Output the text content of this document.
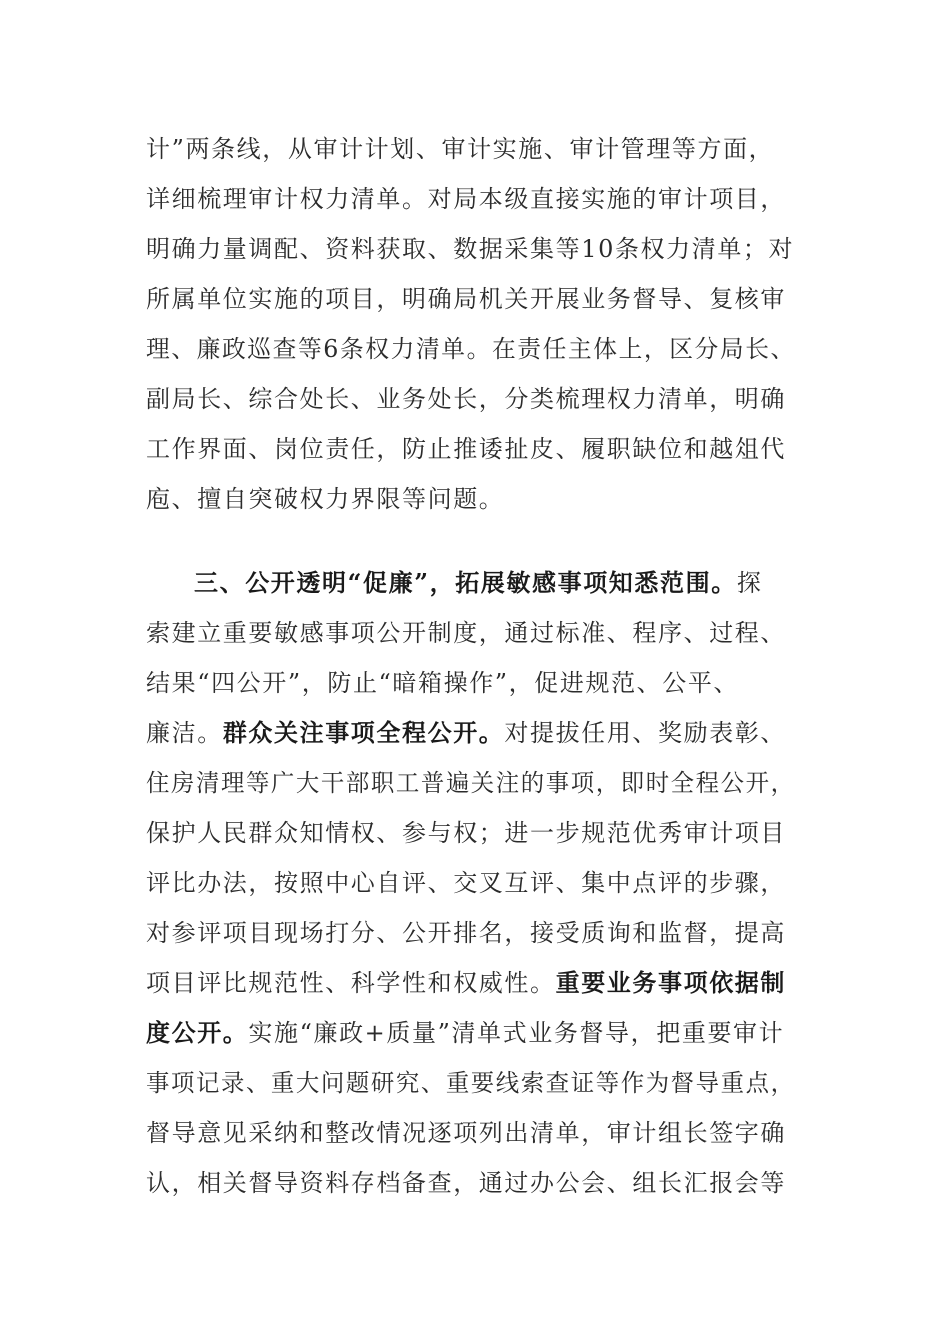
计”两条线，从审计计划、审计实施、审计管理等方面，
详细梳理审计权力清单。对局本级直接实施的审计项目，
明确力量调配、资料获取、数据采集等10条权力清单；对
所属单位实施的项目，明确局机关开展业务督导、复核审
理、廉政巡查等6条权力清单。在责任主体上，区分局长、
副局长、综合处长、业务处长，分类梳理权力清单，明确
工作界面、岗位责任，防止推诿扯皮、履职缺位和越俎代
庖、擅自突破权力界限等问题。
三、公开透明“促廉”，拓展敏感事项知悉范围。探
索建立重要敏感事项公开制度，通过标准、程序、过程、
结果“四公开”，防止“暗箱操作”，促进规范、公平、
廉洁。群众关注事项全程公开。对提拔任用、奖励表彰、
住房清理等广大干部职工普遍关注的事项，即时全程公开，
保护人民群众知情权、参与权；进一步规范优秀审计项目
评比办法，按照中心自评、交叉互评、集中点评的步骤，
对参评项目现场打分、公开排名，接受质询和监督，提高
项目评比规范性、科学性和权威性。重要业务事项依据制
度公开。实施“廉政+质量”清单式业务督导，把重要审计
事项记录、重大问题研究、重要线索查证等作为督导重点，
督导意见采纳和整改情况逐项列出清单，审计组长签字确
认，相关督导资料存档备查，通过办公会、组长汇报会等
